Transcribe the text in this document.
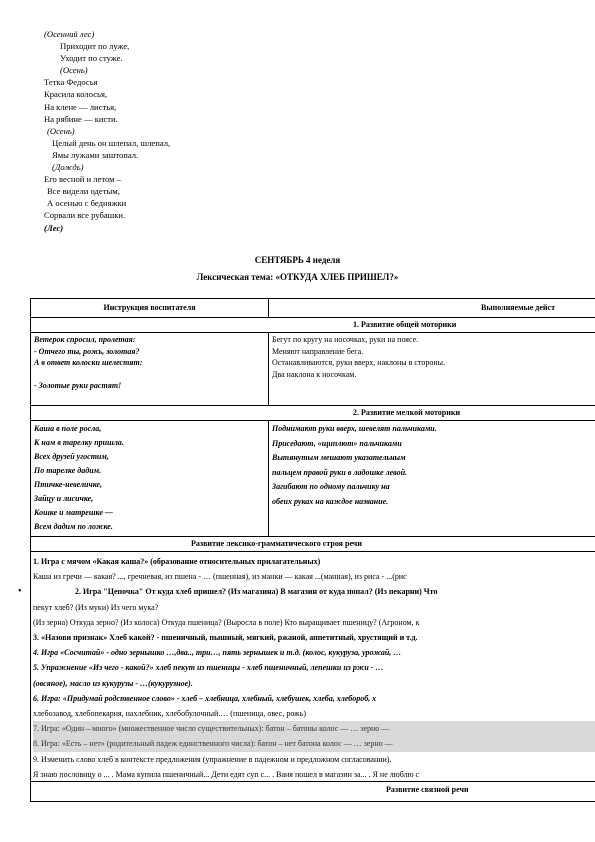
(Осенний лес)
Приходит по луже,
Уходит по стуже.
(Осень)
Тетка Федосья
Красила колосья,
На клене — листья,
На рябине — кисти.
(Осень)
Целый день он шлепал, шлепал,
Ямы лужами заштопал.
(Дождь)
Его весной и летом –
Все видели одетым,
А осенью с бедняжки
Сорвали все рубашки.
(Лес)
СЕНТЯБРЬ 4 неделя
Лексическая тема: «ОТКУДА ХЛЕБ ПРИШЕЛ?»
•
Инструкция воспитателя	Выполняемые дейст
1. Развитие общей моторики
Ветерок спросил, пролетая:
- Отчего ты, рожь, золотая?
А в ответ колоски шелестят:
- Золотые руки растят!
Бегут по кругу на носочках, руки на поясе.
Меняют направление бега.
Останавливаются, руки вверх, наклоны в стороны.
Два наклона к носочкам.
2. Развитие мелкой моторики
Каша в поле росла,
К нам в тарелку пришла.
Всех друзей угостим,
По тарелке дадим.
Птичке-невеличке,
Зайцу и лисичке,
Кошке и матрешке —
Всем дадим по ложке.
Поднимают руки вверх, шевелят пальчиками.
Приседают, «щиплют» пальчиками
Вытянутым мешают указательным
пальцем правой руки в ладошке левой.
Загибают по одному пальчику на
обеих руках на каждое название.
Развитие лексико-грамматического строя речи
1. Игра с мячом «Какая каша?» (образование относительных прилагательных)
Каша из гречи — какая? ..., гречневая, из пшена - … (пшенная), из манки — какая ...(манная), из риса - ...(рис
2. Игра "Цепочка" От куда хлеб пришел? (Из магазина) В магазин от куда попал? (Из пекарни) Что
пекут хлеб? (Из муки) Из чего мука?
(Из зерна) Откуда зерно? (Из колоса) Откуда пшеница? (Выросла в поле) Кто выращивает пшеницу? (Агроном, к
3. «Назови признак» Хлеб какой? - пшеничный, пышный, мягкий, ржаной, аппетитный, хрустящий и т.д.
4. Игра «Сосчитай» - одно зернышко …,два.., три…, пять зернышек и т.д. (колос, кукуруза, урожай, …
5. Упражнение «Из чего - какой?» хлеб пекут из пшеницы - хлеб пшеничный, лепешки из ржи - …
(овсяное), масло из кукурузы - …(кукурузное).
6. Игра: «Придумай родственное слово» - хлеб – хлебница, хлебный, хлебушек, хлеба, хлебороб, х
хлебозавод, хлебопекарня, нахлебник, хлебобулочный.… (пшеница, овес, рожь)
7. Игра: «Один – много» (множественное число существительных): батон – батоны колос — … зерно —
8. Игра: «Есть – нет» (родительный падеж единственного числа): батон – нет батона колос — … зерно —
9. Изменить слово хлеб в контексте предложения (упражнение в падежном и предложном согласовании).
Я знаю пословицу о ... . Мама купила пшеничный... Дети едят суп с... . Ваня пошел в магазин за... . Я не люблю с
Развитие связной речи
